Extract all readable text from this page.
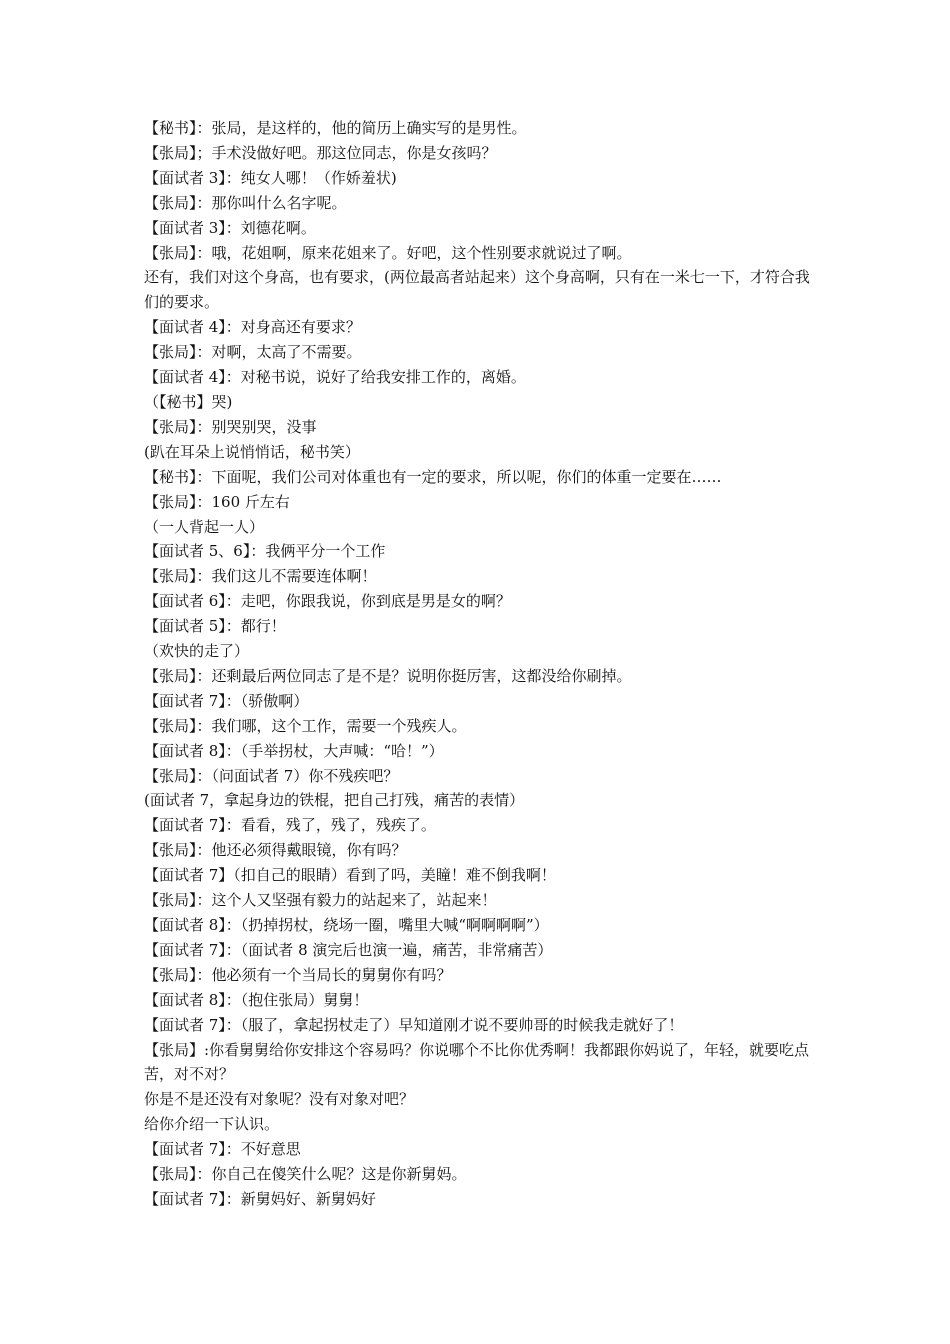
【秘书】：张局，是这样的，他的简历上确实写的是男性。
【张局】；手术没做好吧。那这位同志，你是女孩吗？
【面试者 3】：纯女人哪！（作娇羞状)
【张局】：那你叫什么名字呢。
【面试者 3】：刘德花啊。
【张局】：哦，花姐啊，原来花姐来了。好吧，这个性别要求就说过了啊。
还有，我们对这个身高，也有要求，(两位最高者站起来）这个身高啊，只有在一米七一下，才符合我们的要求。
【面试者 4】：对身高还有要求？
【张局】：对啊，太高了不需要。
【面试者 4】：对秘书说，说好了给我安排工作的，离婚。
（【秘书】哭)
【张局】：别哭别哭，没事
(趴在耳朵上说悄悄话，秘书笑）
【秘书】：下面呢，我们公司对体重也有一定的要求，所以呢，你们的体重一定要在……
【张局】：160 斤左右
（一人背起一人）
【面试者 5、6】：我俩平分一个工作
【张局】：我们这儿不需要连体啊！
【面试者 6】：走吧，你跟我说，你到底是男是女的啊？
【面试者 5】：都行！
（欢快的走了）
【张局】：还剩最后两位同志了是不是？说明你挺厉害，这都没给你刷掉。
【面试者 7】：（骄傲啊）
【张局】：我们哪，这个工作，需要一个残疾人。
【面试者 8】：（手举拐杖，大声喊：“哈！”）
【张局】：（问面试者 7）你不残疾吧？
(面试者 7，拿起身边的铁棍，把自己打残，痛苦的表情）
【面试者 7】：看看，残了，残了，残疾了。
【张局】：他还必须得戴眼镜，你有吗？
【面试者 7】（扣自己的眼睛）看到了吗，美瞳！难不倒我啊！
【张局】：这个人又坚强有毅力的站起来了，站起来！
【面试者 8】：（扔掉拐杖，绕场一圈，嘴里大喊“啊啊啊啊”）
【面试者 7】：（面试者 8 演完后也演一遍，痛苦，非常痛苦）
【张局】：他必须有一个当局长的舅舅你有吗？
【面试者 8】：（抱住张局）舅舅！
【面试者 7】：（服了，拿起拐杖走了）早知道刚才说不要帅哥的时候我走就好了！
【张局】:你看舅舅给你安排这个容易吗？你说哪个不比你优秀啊！我都跟你妈说了，年轻，就要吃点苦，对不对？
你是不是还没有对象呢？没有对象对吧？
给你介绍一下认识。
【面试者 7】：不好意思
【张局】：你自己在傻笑什么呢？这是你新舅妈。
【面试者 7】：新舅妈好、新舅妈好
